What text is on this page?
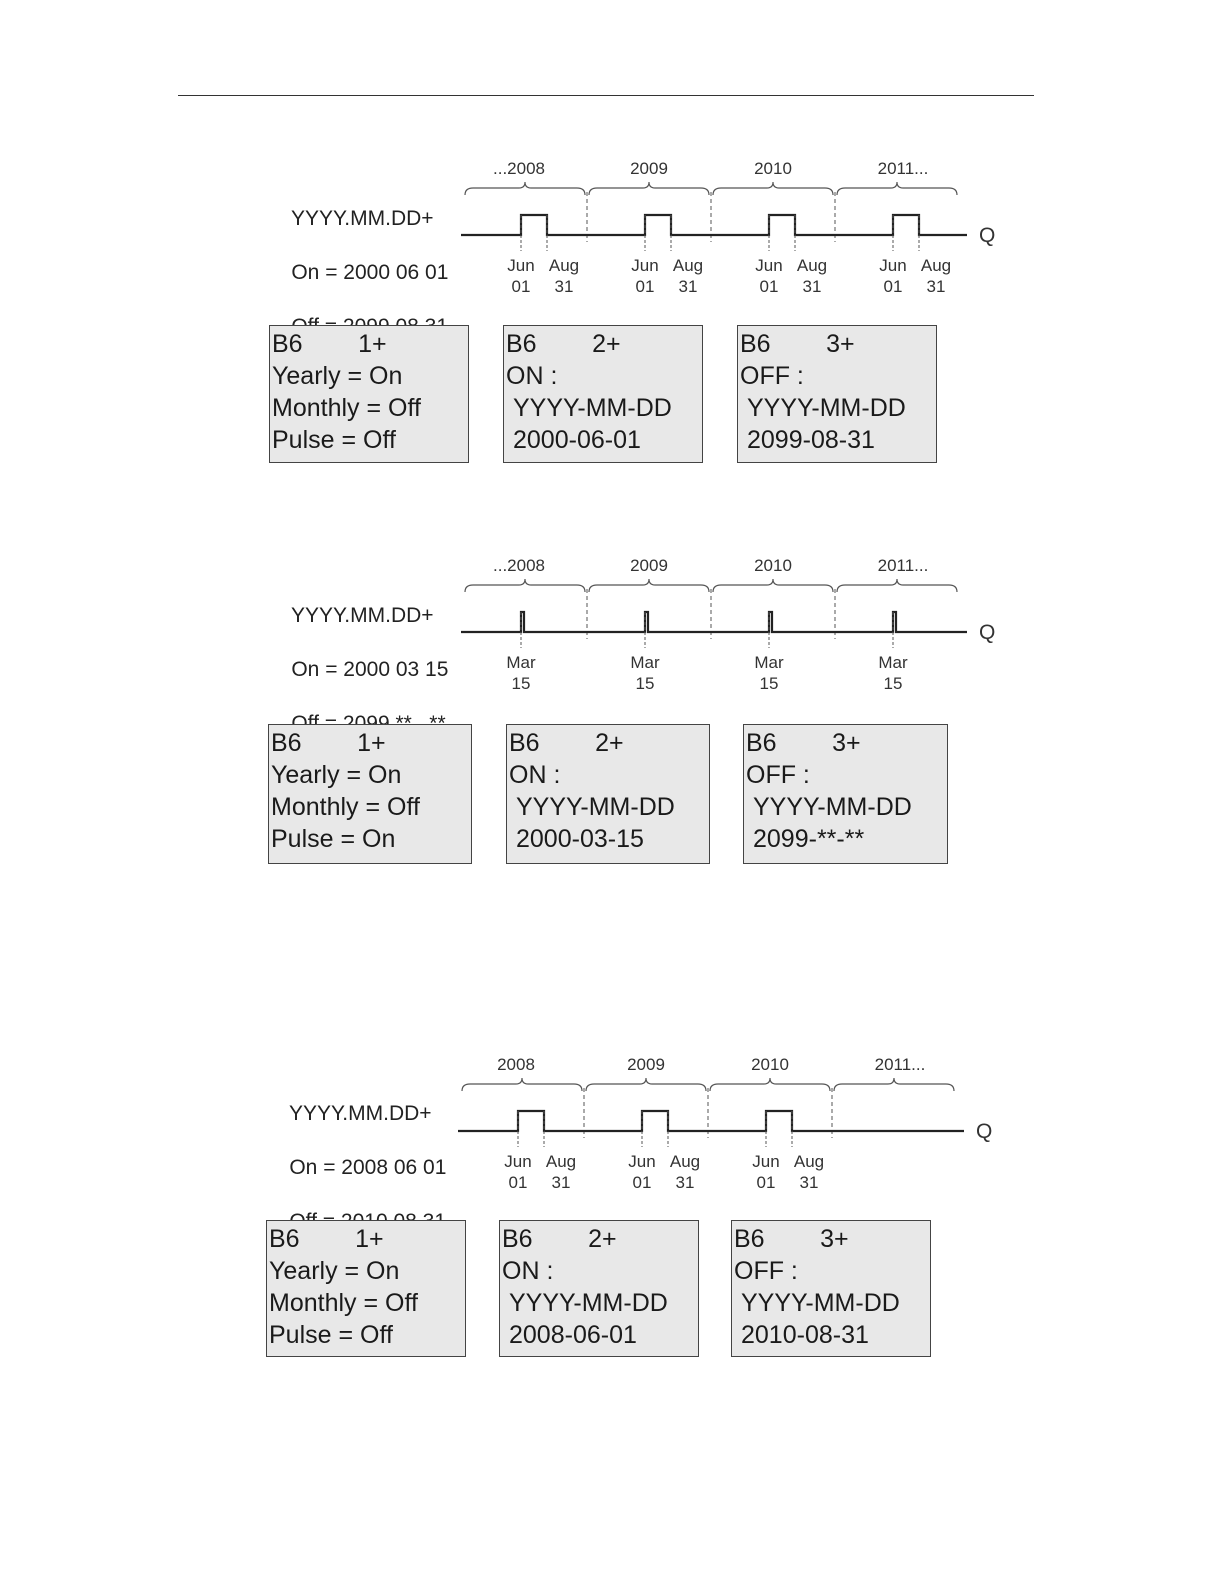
YYYY.MM.DD+

On = 2000 06 01

...2008	2009	2010	2011...
Q
Jun
01
Aug
31
Jun
01
Aug
31
Jun
01
Aug
31
Jun
01
Aug
31
B6        1+
Yearly = On
Monthly = Off
Pulse = Off
B6        2+
ON :
YYYY-MM-DD
2000-06-01
B6        3+
OFF :
YYYY-MM-DD
2099-08-31

YYYY.MM.DD+

On = 2000 03 15

...2008	2009	2010	2011...
Q
Mar
15
Mar
15
Mar
15
Mar
15
B6        1+
Yearly = On
Monthly = Off
Pulse = On
B6        2+
ON :
YYYY-MM-DD
2000-03-15
B6        3+
OFF :
YYYY-MM-DD
2099-**-**

YYYY.MM.DD+

On = 2008 06 01

2008	2009	2010	2011...
Q
Jun
01
Aug
31
Jun
01
Aug
31
Jun
01
Aug
31
B6        1+
Yearly = On
Monthly = Off
Pulse = Off
B6        2+
ON :
YYYY-MM-DD
2008-06-01
B6        3+
OFF :
YYYY-MM-DD
2010-08-31
